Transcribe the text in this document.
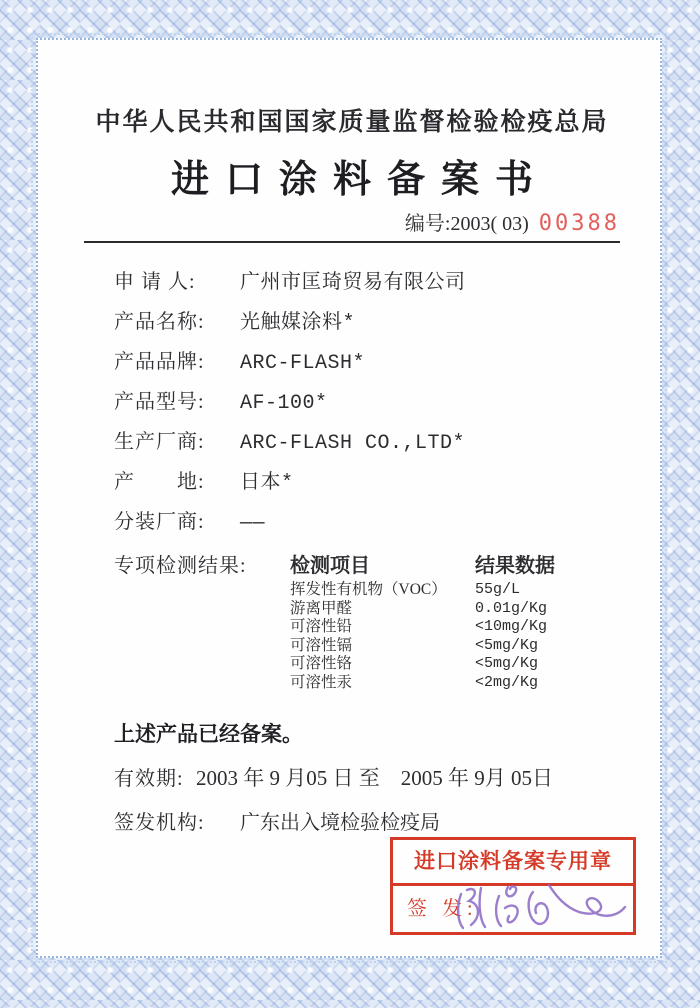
中华人民共和国国家质量监督检验检疫总局
进口涂料备案书
编号:2003( 03) 00388
申 请 人:	广州市匡琦贸易有限公司
产品名称:	光触媒涂料*
产品品牌:	ARC-FLASH*
产品型号:	AF-100*
生产厂商:	ARC-FLASH CO.,LTD*
产　　地:	日本*
分装厂商:	——
专项检测结果:	检测项目	结果数据
挥发性有机物（VOC）	55g/L
游离甲醛	0.01g/Kg
可溶性铅	<10mg/Kg
可溶性镉	<5mg/Kg
可溶性铬	<5mg/Kg
可溶性汞	<2mg/Kg
上述产品已经备案。
有效期: 2003 年 9 月05 日 至　2005 年 9月 05日
签发机构:	广东出入境检验检疫局
进口涂料备案专用章
签 发:
